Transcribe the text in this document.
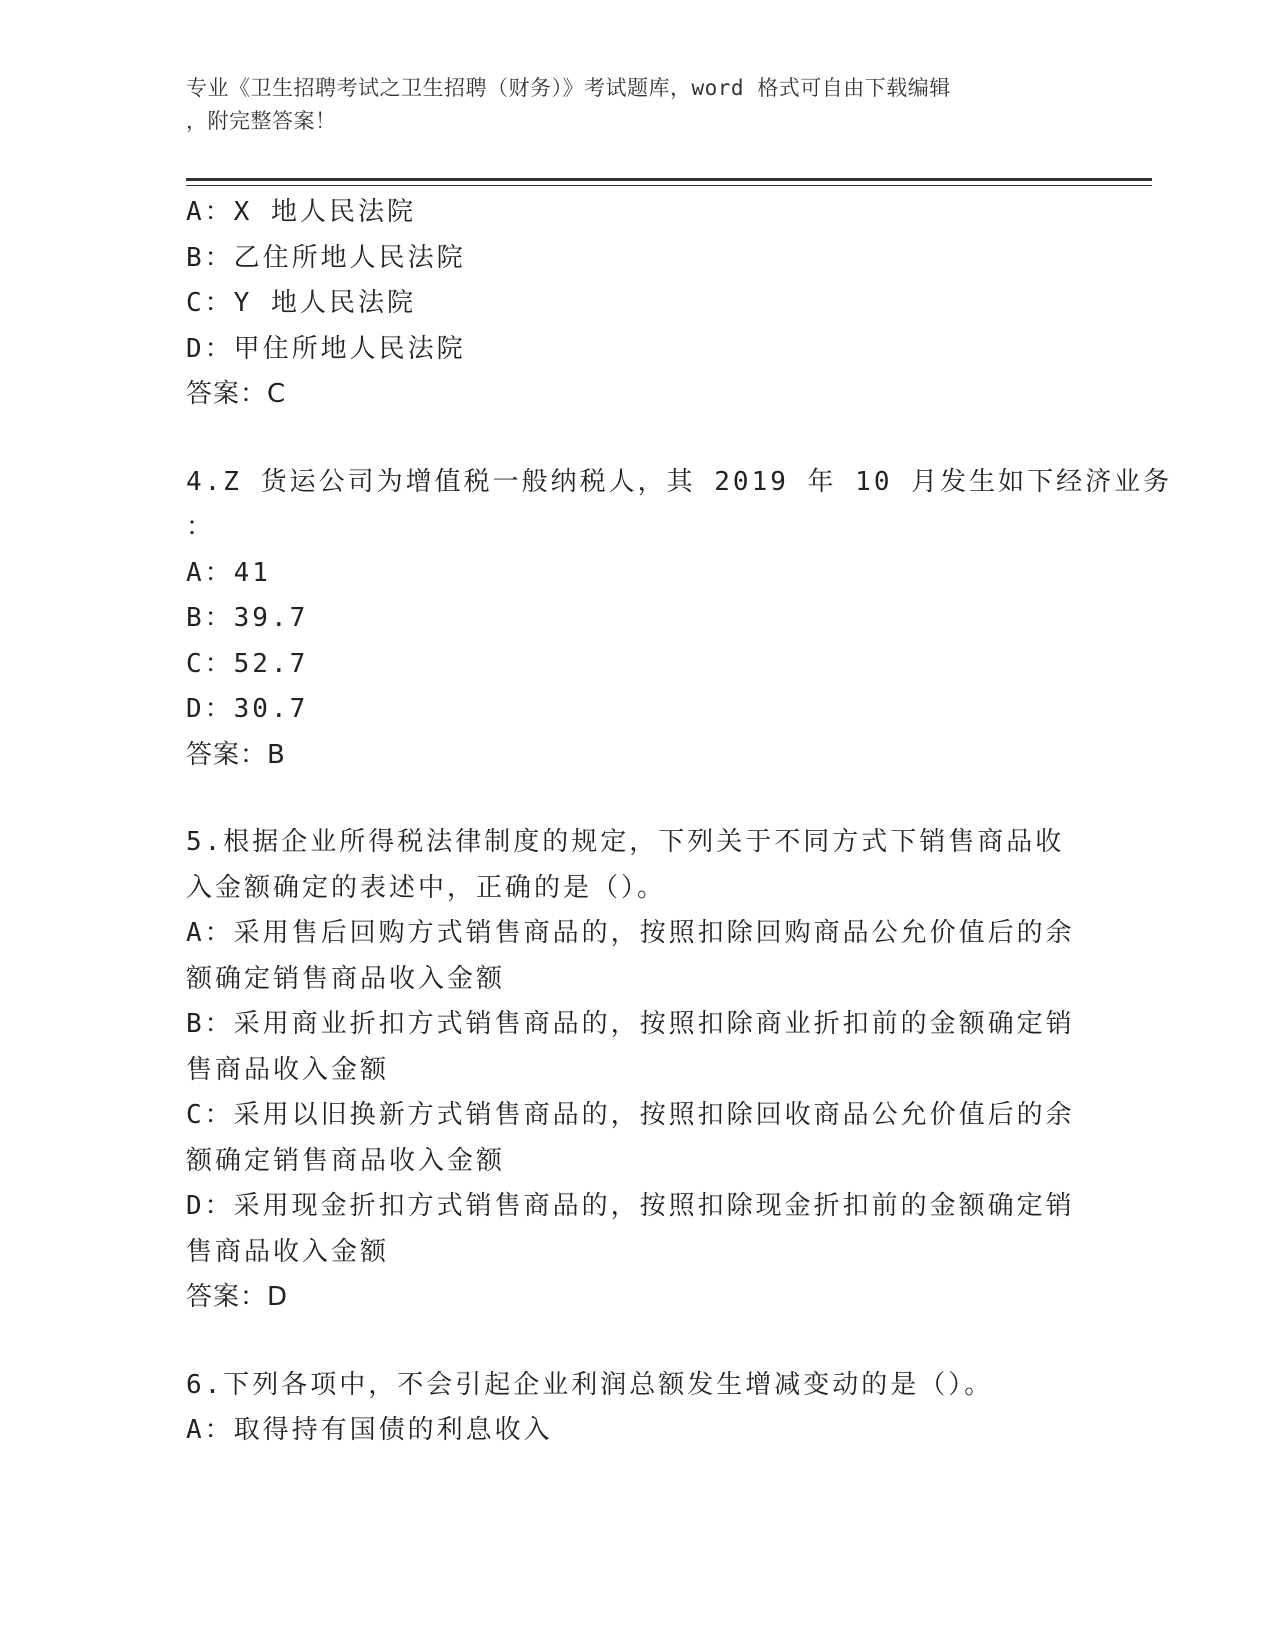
专业《卫生招聘考试之卫生招聘（财务）》考试题库，word 格式可自由下载编辑
，附完整答案！
A：X 地人民法院
B：乙住所地人民法院
C：Y 地人民法院
D：甲住所地人民法院
答案：C
4.Z 货运公司为增值税一般纳税人，其 2019 年 10 月发生如下经济业务
：
A：41
B：39.7
C：52.7
D：30.7
答案：B
5.根据企业所得税法律制度的规定，下列关于不同方式下销售商品收
入金额确定的表述中，正确的是（）。
A：采用售后回购方式销售商品的，按照扣除回购商品公允价值后的余
额确定销售商品收入金额
B：采用商业折扣方式销售商品的，按照扣除商业折扣前的金额确定销
售商品收入金额
C：采用以旧换新方式销售商品的，按照扣除回收商品公允价值后的余
额确定销售商品收入金额
D：采用现金折扣方式销售商品的，按照扣除现金折扣前的金额确定销
售商品收入金额
答案：D
6.下列各项中，不会引起企业利润总额发生增减变动的是（）。
A：取得持有国债的利息收入
